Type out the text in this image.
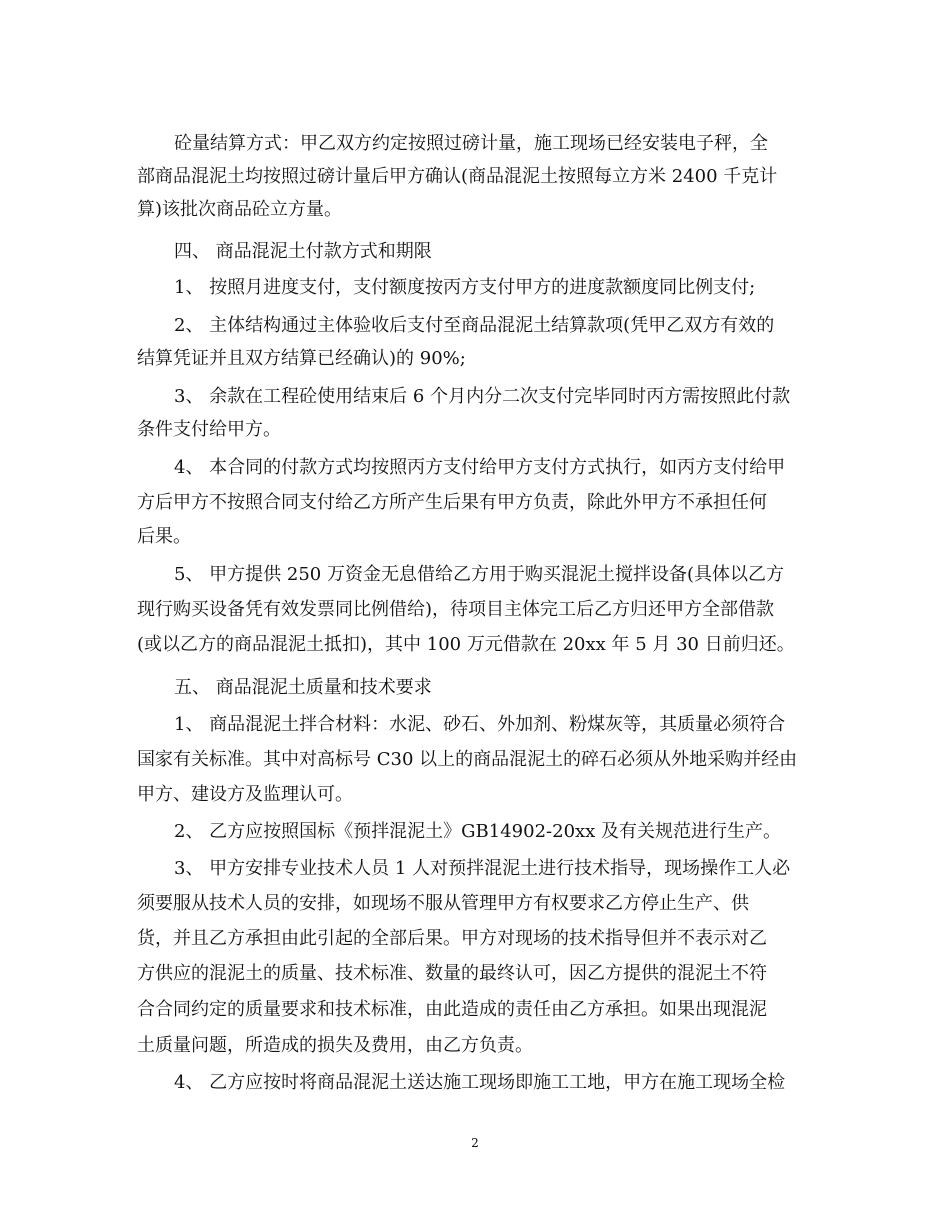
砼量结算方式：甲乙双方约定按照过磅计量，施工现场已经安装电子秤，全
部商品混泥土均按照过磅计量后甲方确认(商品混泥土按照每立方米 2400 千克计
算)该批次商品砼立方量。
四、 商品混泥土付款方式和期限
1、 按照月进度支付，支付额度按丙方支付甲方的进度款额度同比例支付;
2、 主体结构通过主体验收后支付至商品混泥土结算款项(凭甲乙双方有效的
结算凭证并且双方结算已经确认)的 90%;
3、 余款在工程砼使用结束后 6 个月内分二次支付完毕同时丙方需按照此付款
条件支付给甲方。
4、 本合同的付款方式均按照丙方支付给甲方支付方式执行，如丙方支付给甲
方后甲方不按照合同支付给乙方所产生后果有甲方负责，除此外甲方不承担任何
后果。
5、 甲方提供 250 万资金无息借给乙方用于购买混泥土搅拌设备(具体以乙方
现行购买设备凭有效发票同比例借给)，待项目主体完工后乙方归还甲方全部借款
(或以乙方的商品混泥土抵扣)，其中 100 万元借款在 20xx 年 5 月 30 日前归还。
五、 商品混泥土质量和技术要求
1、 商品混泥土拌合材料：水泥、砂石、外加剂、粉煤灰等，其质量必须符合
国家有关标准。其中对高标号 C30 以上的商品混泥土的碎石必须从外地采购并经由
甲方、建设方及监理认可。
2、 乙方应按照国标《预拌混泥土》GB14902-20xx 及有关规范进行生产。
3、 甲方安排专业技术人员 1 人对预拌混泥土进行技术指导，现场操作工人必
须要服从技术人员的安排，如现场不服从管理甲方有权要求乙方停止生产、供
货，并且乙方承担由此引起的全部后果。甲方对现场的技术指导但并不表示对乙
方供应的混泥土的质量、技术标准、数量的最终认可，因乙方提供的混泥土不符
合合同约定的质量要求和技术标准，由此造成的责任由乙方承担。如果出现混泥
土质量问题，所造成的损失及费用，由乙方负责。
4、 乙方应按时将商品混泥土送达施工现场即施工工地，甲方在施工现场全检
2
